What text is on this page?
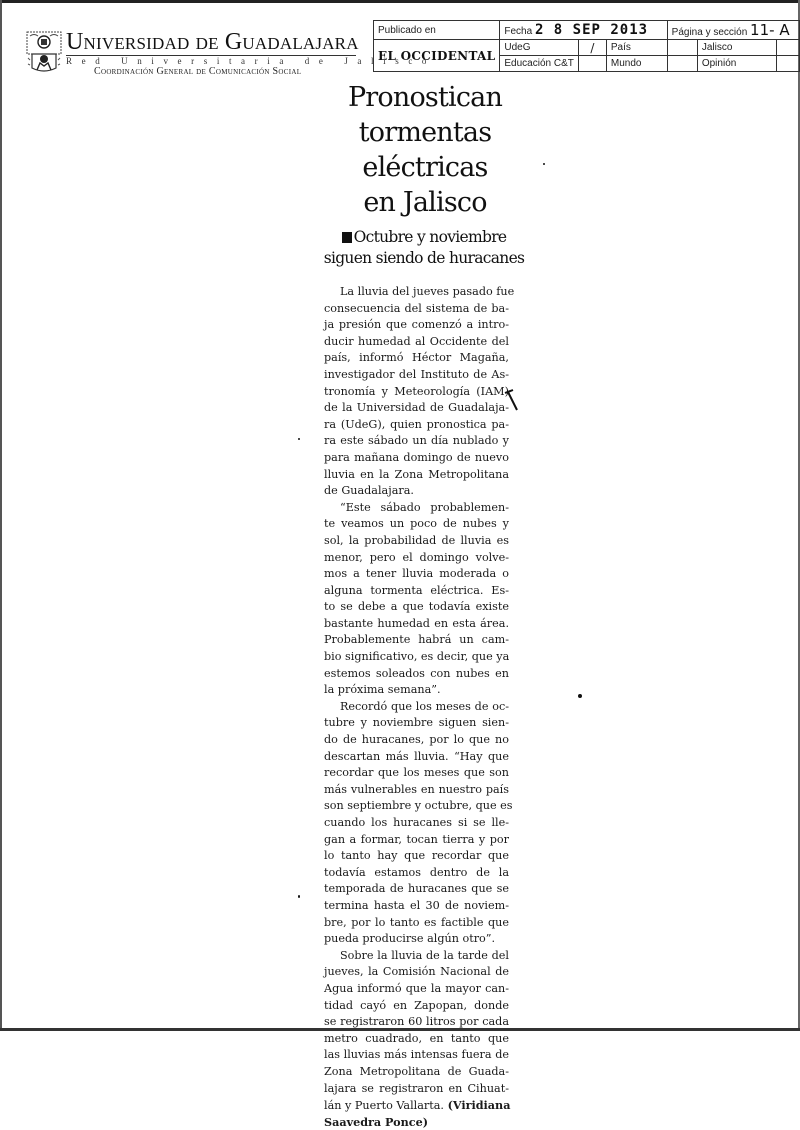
Universidad de Guadalajara
Red Universitaria de Jalisco
Coordinación General de Comunicación Social
Publicado en	Fecha 2 8 SEP 2013			Página y sección 11- A		
EL OCCIDENTAL	UdeG	/	País		Jalisco	
	Educación C&T		Mundo		Opinión	
Pronostican
tormentas
eléctricas
en Jalisco
Octubre y noviembre
siguen siendo de huracanes
La lluvia del jueves pasado fue
consecuencia del sistema de ba-
ja presión que comenzó a intro-
ducir humedad al Occidente del
país, informó Héctor Magaña,
investigador del Instituto de As-
tronomía y Meteorología (IAM)
de la Universidad de Guadalaja-
ra (UdeG), quien pronostica pa-
ra este sábado un día nublado y
para mañana domingo de nuevo
lluvia en la Zona Metropolitana
de Guadalajara.
“Este sábado probablemen-
te veamos un poco de nubes y
sol, la probabilidad de lluvia es
menor, pero el domingo volve-
mos a tener lluvia moderada o
alguna tormenta eléctrica. Es-
to se debe a que todavía existe
bastante humedad en esta área.
Probablemente habrá un cam-
bio significativo, es decir, que ya
estemos soleados con nubes en
la próxima semana”.
Recordó que los meses de oc-
tubre y noviembre siguen sien-
do de huracanes, por lo que no
descartan más lluvia. “Hay que
recordar que los meses que son
más vulnerables en nuestro país
son septiembre y octubre, que es
cuando los huracanes si se lle-
gan a formar, tocan tierra y por
lo tanto hay que recordar que
todavía estamos dentro de la
temporada de huracanes que se
termina hasta el 30 de noviem-
bre, por lo tanto es factible que
pueda producirse algún otro”.
Sobre la lluvia de la tarde del
jueves, la Comisión Nacional de
Agua informó que la mayor can-
tidad cayó en Zapopan, donde
se registraron 60 litros por cada
metro cuadrado, en tanto que
las lluvias más intensas fuera de
Zona Metropolitana de Guada-
lajara se registraron en Cihuat-
lán y Puerto Vallarta. (Viridiana
Saavedra Ponce)
